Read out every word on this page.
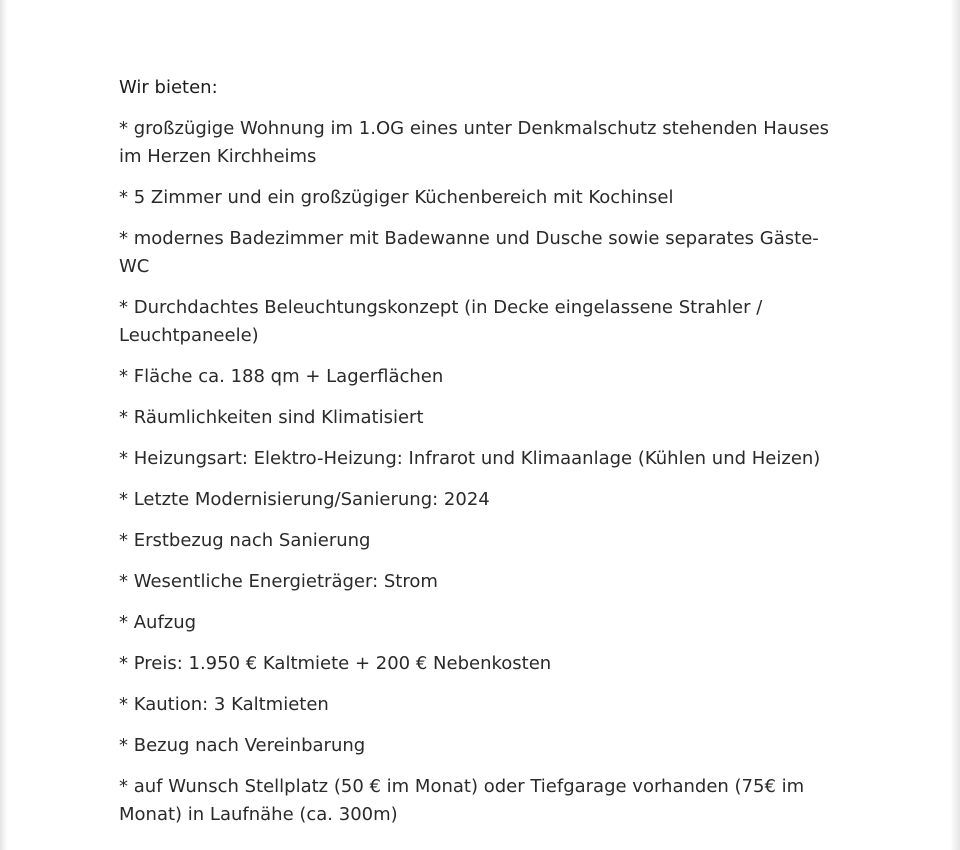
Wir bieten:

* großzügige Wohnung im 1.OG eines unter Denkmalschutz stehenden Hauses im Herzen Kirchheims

* 5 Zimmer und ein großzügiger Küchenbereich mit Kochinsel

* modernes Badezimmer mit Badewanne und Dusche sowie separates Gäste-WC

* Durchdachtes Beleuchtungskonzept (in Decke eingelassene Strahler / Leuchtpaneele)

* Fläche ca. 188 qm + Lagerflächen

* Räumlichkeiten sind Klimatisiert

* Heizungsart: Elektro-Heizung: Infrarot und Klimaanlage (Kühlen und Heizen)

* Letzte Modernisierung/Sanierung: 2024

* Erstbezug nach Sanierung

* Wesentliche Energieträger: Strom

* Aufzug

* Preis: 1.950 € Kaltmiete + 200 € Nebenkosten

* Kaution: 3 Kaltmieten

* Bezug nach Vereinbarung

* auf Wunsch Stellplatz (50 € im Monat) oder Tiefgarage vorhanden (75€ im Monat) in Laufnähe (ca. 300m)
